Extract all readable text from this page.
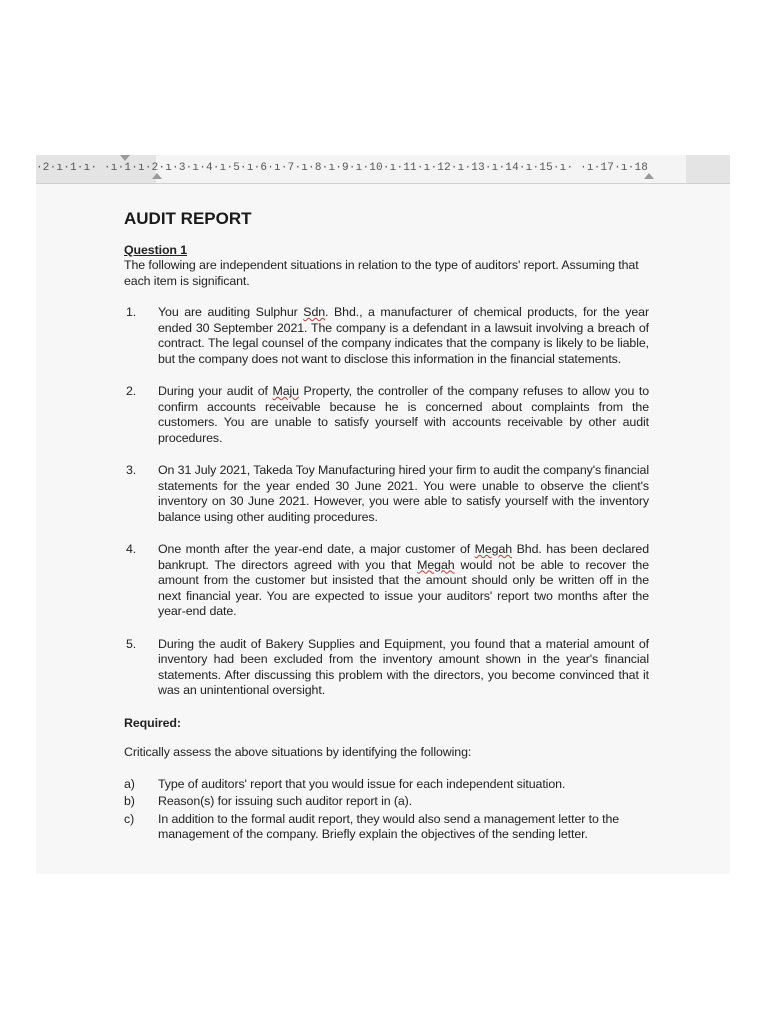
·2·ı·1·ı· ·ı·1·ı·2·ı·3·ı·4·ı·5·ı·6·ı·7·ı·8·ı·9·ı·10·ı·11·ı·12·ı·13·ı·14·ı·15·ı· ·ı·17·ı·18
AUDIT REPORT

Question 1

The following are independent situations in relation to the type of auditors' report. Assuming that each item is significant.

1. You are auditing Sulphur Sdn. Bhd., a manufacturer of chemical products, for the year ended 30 September 2021. The company is a defendant in a lawsuit involving a breach of contract. The legal counsel of the company indicates that the company is likely to be liable, but the company does not want to disclose this information in the financial statements.
2. During your audit of Maju Property, the controller of the company refuses to allow you to confirm accounts receivable because he is concerned about complaints from the customers. You are unable to satisfy yourself with accounts receivable by other audit procedures.
3. On 31 July 2021, Takeda Toy Manufacturing hired your firm to audit the company's financial statements for the year ended 30 June 2021. You were unable to observe the client's inventory on 30 June 2021. However, you were able to satisfy yourself with the inventory balance using other auditing procedures.
4. One month after the year-end date, a major customer of Megah Bhd. has been declared bankrupt. The directors agreed with you that Megah would not be able to recover the amount from the customer but insisted that the amount should only be written off in the next financial year. You are expected to issue your auditors' report two months after the year-end date.
5. During the audit of Bakery Supplies and Equipment, you found that a material amount of inventory had been excluded from the inventory amount shown in the year's financial statements. After discussing this problem with the directors, you become convinced that it was an unintentional oversight.

Required:

Critically assess the above situations by identifying the following:

a) Type of auditors' report that you would issue for each independent situation.
b) Reason(s) for issuing such auditor report in (a).
c) In addition to the formal audit report, they would also send a management letter to the management of the company. Briefly explain the objectives of the sending letter.
